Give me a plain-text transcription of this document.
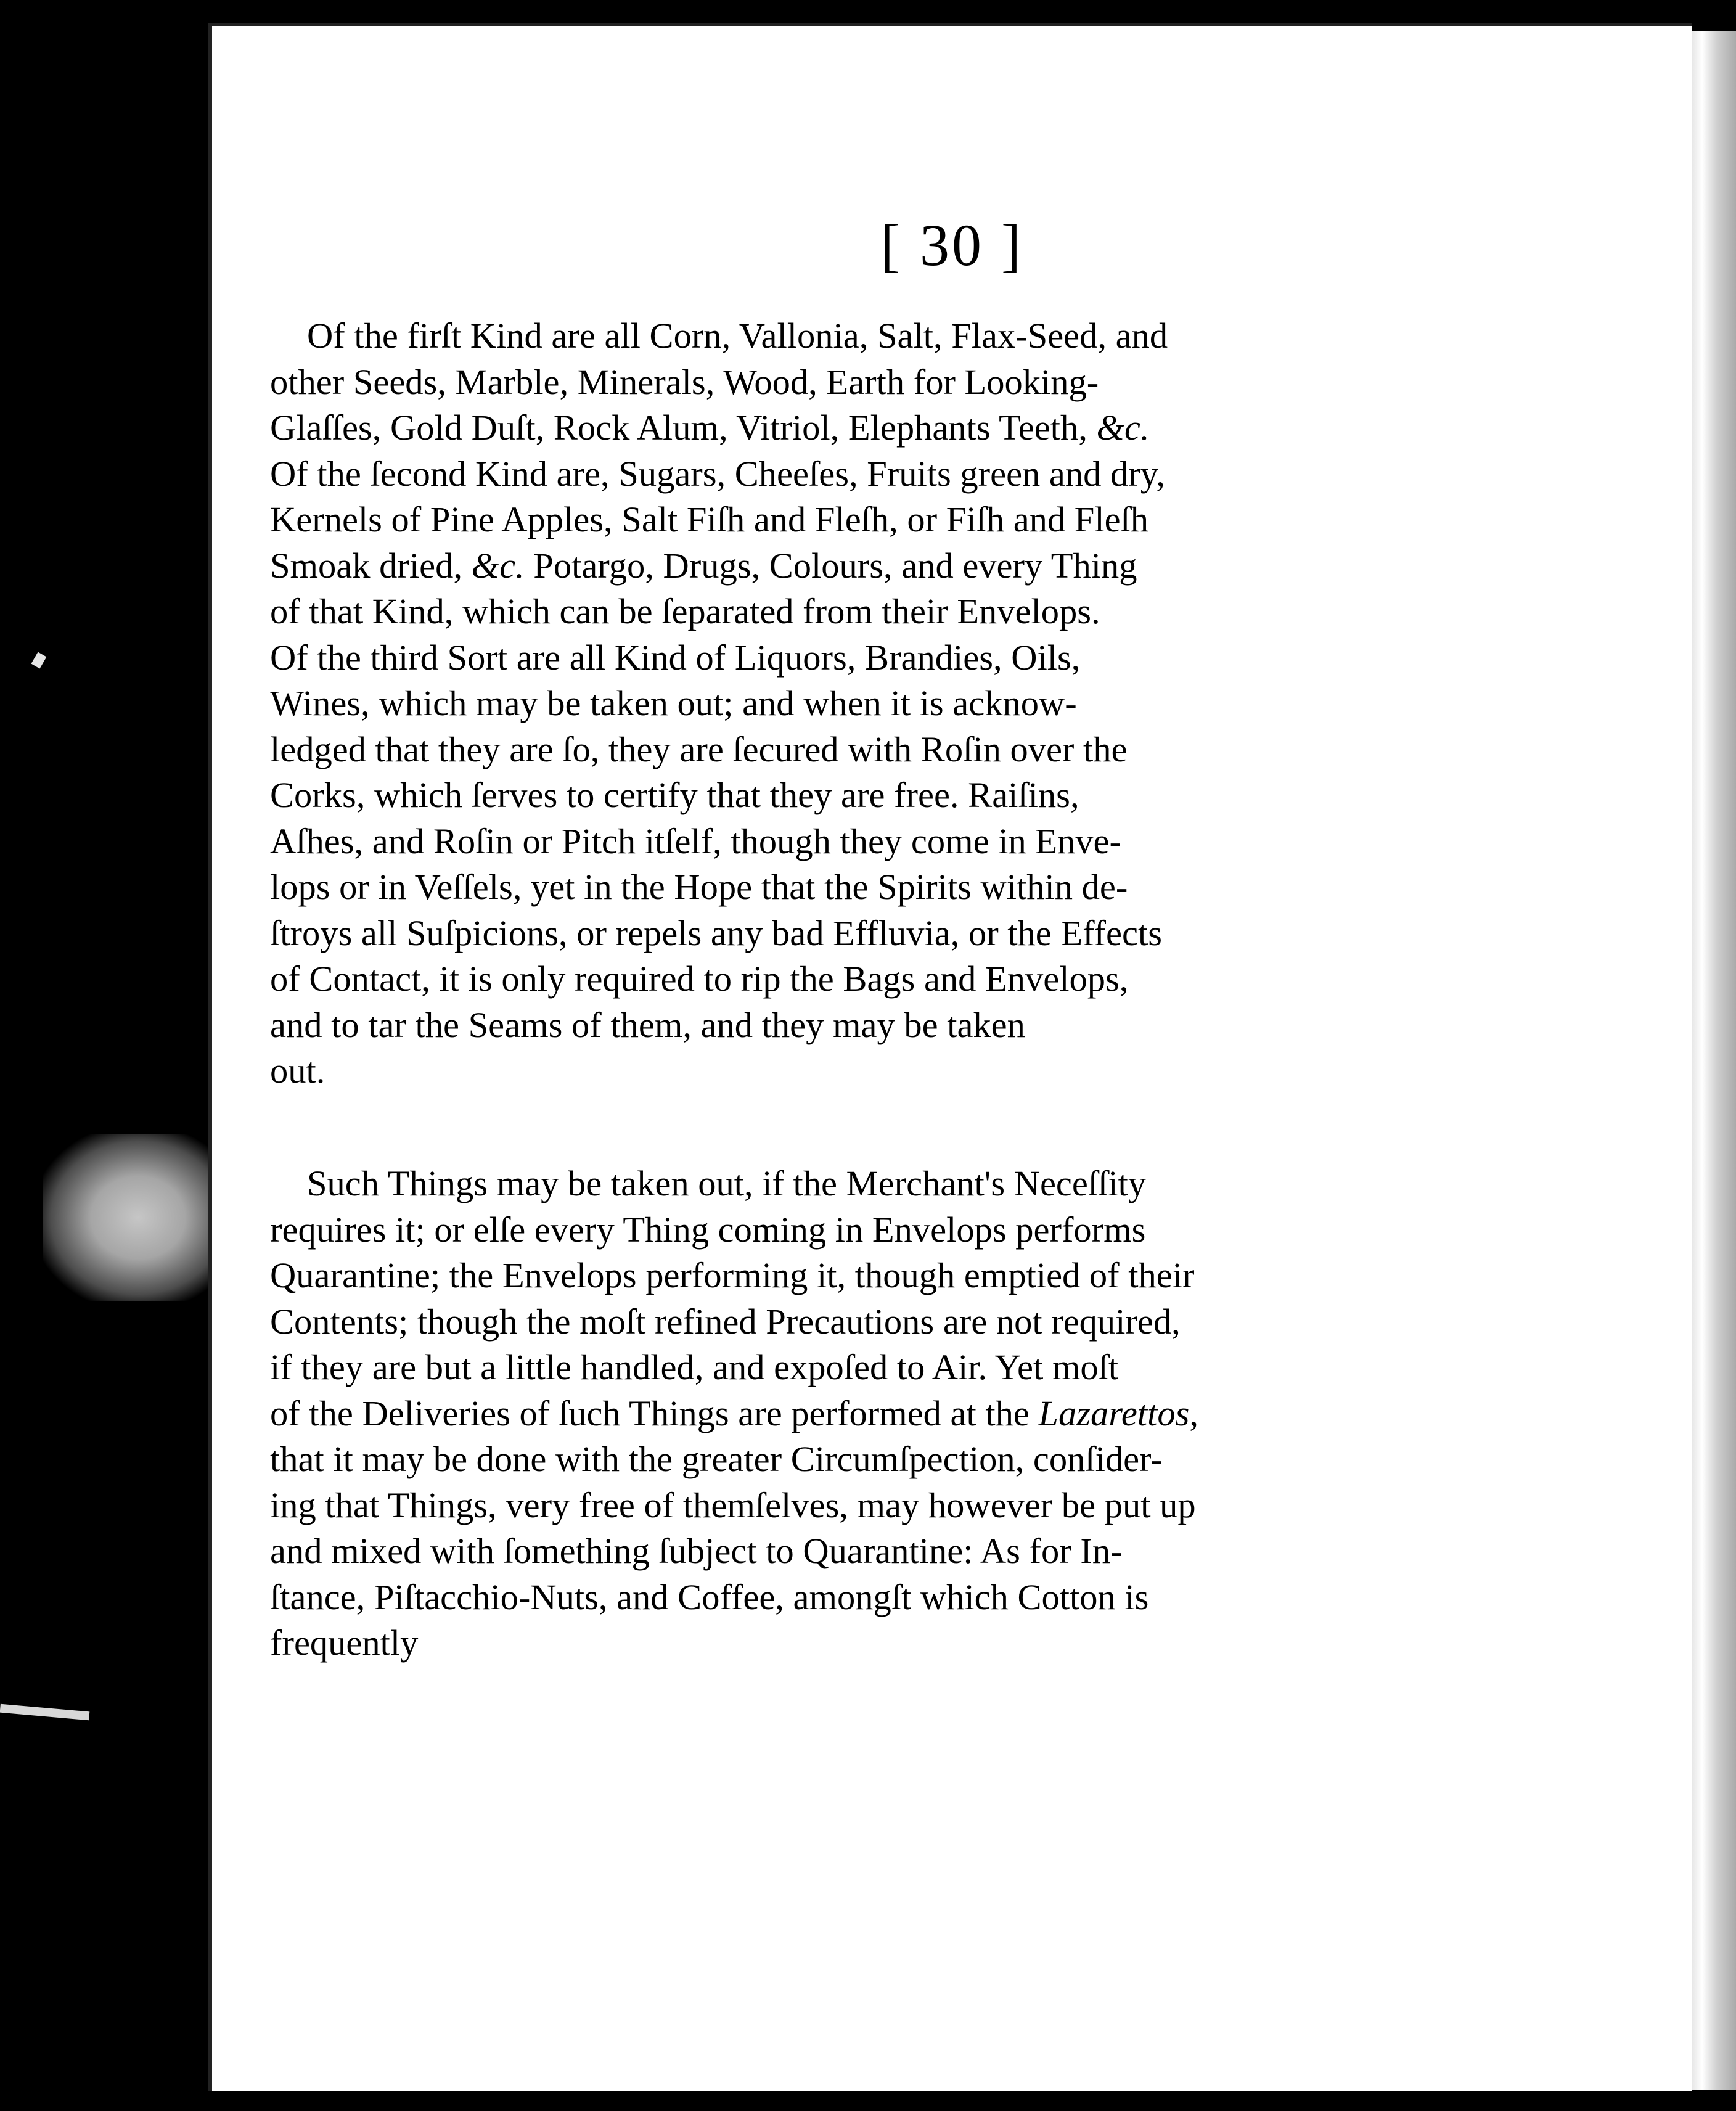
[ 30 ]
Of the firſt Kind are all Corn, Vallonia, Salt, Flax-Seed, and
other Seeds, Marble, Minerals, Wood, Earth for Looking-
Glaſſes, Gold Duſt, Rock Alum, Vitriol, Elephants Teeth, &c.
Of the ſecond Kind are, Sugars, Cheeſes, Fruits green and dry,
Kernels of Pine Apples, Salt Fiſh and Fleſh, or Fiſh and Fleſh
Smoak dried, &c. Potargo, Drugs, Colours, and every Thing
of that Kind, which can be ſeparated from their Envelops.
Of the third Sort are all Kind of Liquors, Brandies, Oils,
Wines, which may be taken out; and when it is acknow-
ledged that they are ſo, they are ſecured with Roſin over the
Corks, which ſerves to certify that they are free. Raiſins,
Aſhes, and Roſin or Pitch itſelf, though they come in Enve-
lops or in Veſſels, yet in the Hope that the Spirits within de-
ſtroys all Suſpicions, or repels any bad Effluvia, or the Effects
of Contact, it is only required to rip the Bags and Envelops,
and to tar the Seams of them, and they may be taken
out.
Such Things may be taken out, if the Merchant's Neceſſity
requires it; or elſe every Thing coming in Envelops performs
Quarantine; the Envelops performing it, though emptied of their
Contents; though the moſt refined Precautions are not required,
if they are but a little handled, and expoſed to Air. Yet moſt
of the Deliveries of ſuch Things are performed at the Lazarettos,
that it may be done with the greater Circumſpection, conſider-
ing that Things, very free of themſelves, may however be put up
and mixed with ſomething ſubject to Quarantine: As for In-
ſtance, Piſtacchio-Nuts, and Coffee, amongſt which Cotton is
frequently
